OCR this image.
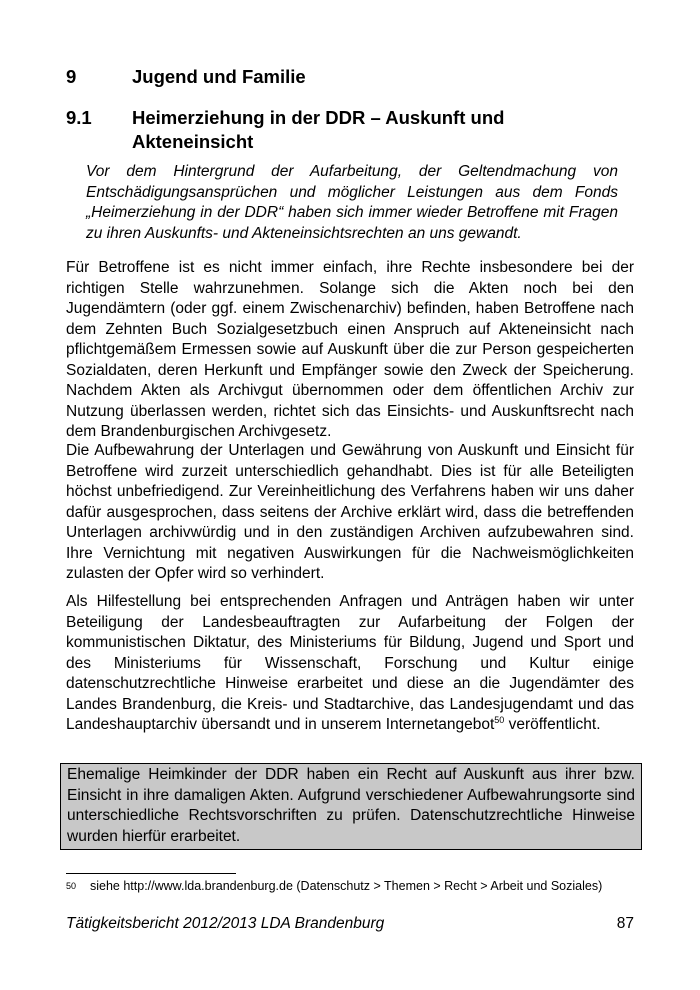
9	Jugend und Familie
9.1	Heimerziehung in der DDR – Auskunft und Akteneinsicht
Vor dem Hintergrund der Aufarbeitung, der Geltendmachung von Entschädigungsansprüchen und möglicher Leistungen aus dem Fonds „Heimerziehung in der DDR“ haben sich immer wieder Betroffene mit Fragen zu ihren Auskunfts- und Akteneinsichtsrechten an uns gewandt.

Für Betroffene ist es nicht immer einfach, ihre Rechte insbesondere bei der richtigen Stelle wahrzunehmen. Solange sich die Akten noch bei den Jugendämtern (oder ggf. einem Zwischenarchiv) befinden, haben Betroffene nach dem Zehnten Buch Sozialgesetzbuch einen Anspruch auf Akteneinsicht nach pflichtgemäßem Ermessen sowie auf Auskunft über die zur Person gespeicherten Sozialdaten, deren Herkunft und Empfänger sowie den Zweck der Speicherung. Nachdem Akten als Archivgut übernommen oder dem öffentlichen Archiv zur Nutzung überlassen werden, richtet sich das Einsichts- und Auskunftsrecht nach dem Brandenburgischen Archivgesetz.

Die Aufbewahrung der Unterlagen und Gewährung von Auskunft und Einsicht für Betroffene wird zurzeit unterschiedlich gehandhabt. Dies ist für alle Beteiligten höchst unbefriedigend. Zur Vereinheitlichung des Verfahrens haben wir uns daher dafür ausgesprochen, dass seitens der Archive erklärt wird, dass die betreffenden Unterlagen archivwürdig und in den zuständigen Archiven aufzubewahren sind. Ihre Vernichtung mit negativen Auswirkungen für die Nachweismöglichkeiten zulasten der Opfer wird so verhindert.

Als Hilfestellung bei entsprechenden Anfragen und Anträgen haben wir unter Beteiligung der Landesbeauftragten zur Aufarbeitung der Folgen der kommunistischen Diktatur, des Ministeriums für Bildung, Jugend und Sport und des Ministeriums für Wissenschaft, Forschung und Kultur einige datenschutzrechtliche Hinweise erarbeitet und diese an die Jugendämter des Landes Brandenburg, die Kreis- und Stadtarchive, das Landesjugendamt und das Landeshauptarchiv übersandt und in unserem Internetangebot$^{50}$ veröffentlicht.

Ehemalige Heimkinder der DDR haben ein Recht auf Auskunft aus ihrer bzw. Einsicht in ihre damaligen Akten. Aufgrund verschiedener Aufbewahrungsorte sind unterschiedliche Rechtsvorschriften zu prüfen. Datenschutzrechtliche Hinweise wurden hierfür erarbeitet.
50	siehe http://www.lda.brandenburg.de (Datenschutz > Themen > Recht > Arbeit und Soziales)
Tätigkeitsbericht 2012/2013 LDA Brandenburg	87
